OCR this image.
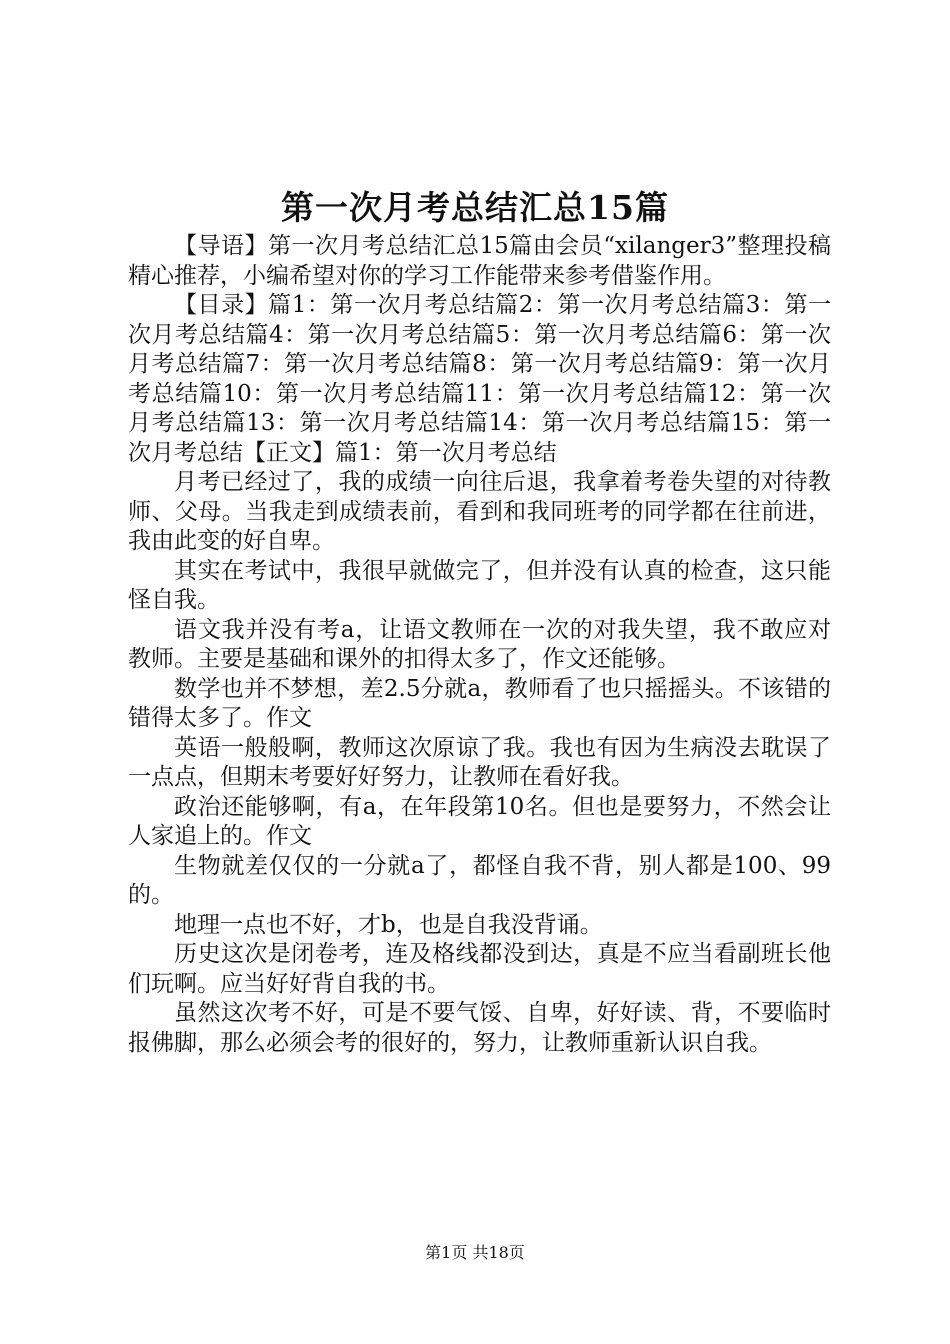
第一次月考总结汇总15篇

【导语】第一次月考总结汇总15篇由会员“xilanger3”整理投稿精心推荐，小编希望对你的学习工作能带来参考借鉴作用。

【目录】篇1：第一次月考总结篇2：第一次月考总结篇3：第一次月考总结篇4：第一次月考总结篇5：第一次月考总结篇6：第一次月考总结篇7：第一次月考总结篇8：第一次月考总结篇9：第一次月考总结篇10：第一次月考总结篇11：第一次月考总结篇12：第一次月考总结篇13：第一次月考总结篇14：第一次月考总结篇15：第一次月考总结【正文】篇1：第一次月考总结

月考已经过了，我的成绩一向往后退，我拿着考卷失望的对待教师、父母。当我走到成绩表前，看到和我同班考的同学都在往前进，我由此变的好自卑。

其实在考试中，我很早就做完了，但并没有认真的检查，这只能怪自我。

语文我并没有考a，让语文教师在一次的对我失望，我不敢应对教师。主要是基础和课外的扣得太多了，作文还能够。

数学也并不梦想，差2.5分就a，教师看了也只摇摇头。不该错的错得太多了。作文

英语一般般啊，教师这次原谅了我。我也有因为生病没去耽误了一点点，但期末考要好好努力，让教师在看好我。

政治还能够啊，有a，在年段第10名。但也是要努力，不然会让人家追上的。作文

生物就差仅仅的一分就a了，都怪自我不背，别人都是100、99的。

地理一点也不好，才b，也是自我没背诵。

历史这次是闭卷考，连及格线都没到达，真是不应当看副班长他们玩啊。应当好好背自我的书。

虽然这次考不好，可是不要气馁、自卑，好好读、背，不要临时报佛脚，那么必须会考的很好的，努力，让教师重新认识自我。

第1页 共18页
